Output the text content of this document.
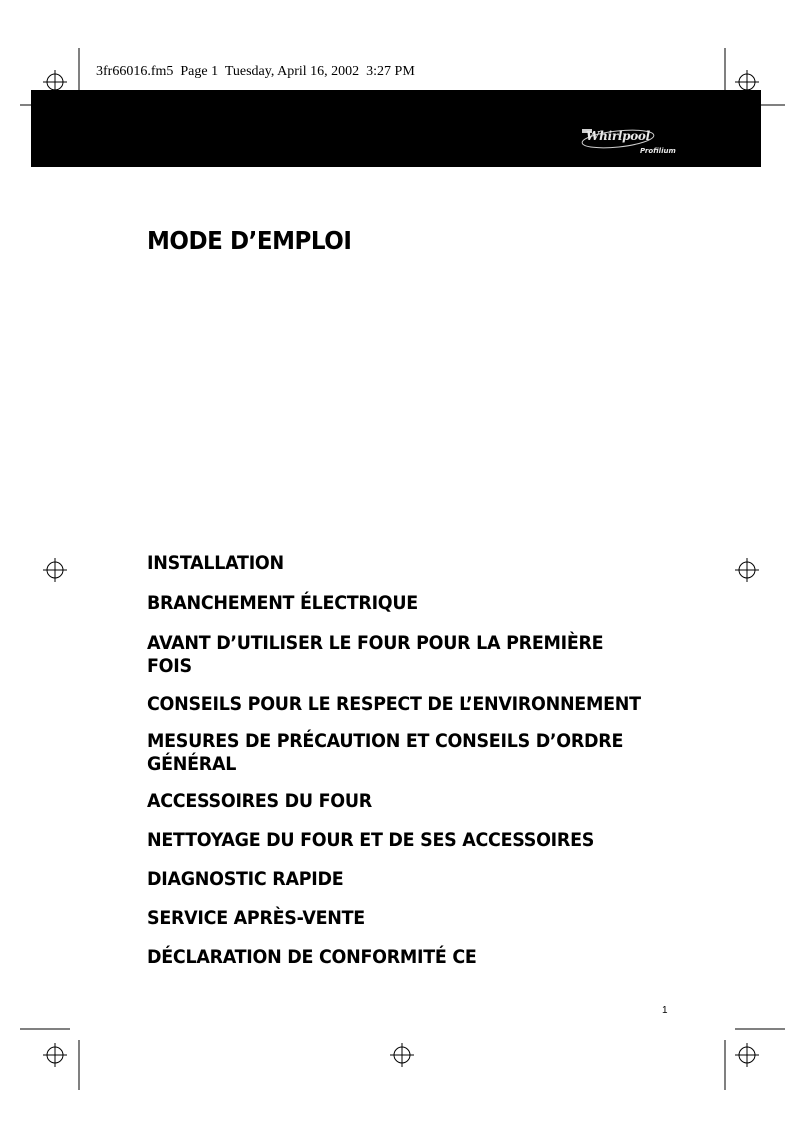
3fr66016.fm5  Page 1  Tuesday, April 16, 2002  3:27 PM
Whirlpool
Profilium
MODE D’EMPLOI
INSTALLATION
BRANCHEMENT ÉLECTRIQUE
AVANT D’UTILISER LE FOUR POUR LA PREMIÈRE
FOIS
CONSEILS POUR LE RESPECT DE L’ENVIRONNEMENT
MESURES DE PRÉCAUTION ET CONSEILS D’ORDRE
GÉNÉRAL
ACCESSOIRES DU FOUR
NETTOYAGE DU FOUR ET DE SES ACCESSOIRES
DIAGNOSTIC RAPIDE
SERVICE APRÈS-VENTE
DÉCLARATION DE CONFORMITÉ CE
1
